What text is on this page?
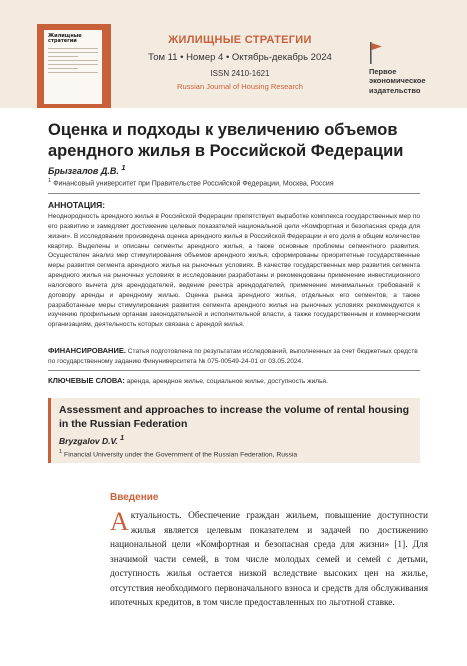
Жилищные стратегии	ЖИЛИЩНЫЕ СТРАТЕГИИ
Том 11 • Номер 4 • Октябрь-декабрь 2024
ISSN 2410-1621
Russian Journal of Housing Research
Первое
экономическое
издательство
Оценка и подходы к увеличению объемов арендного жилья в Российской Федерации
Брызгалов Д.В. $^1$
$^1$ Финансовый университет при Правительстве Российской Федерации, Москва, Россия
АННОТАЦИЯ:

Неоднородность арендного жилья в Российской Федерации препятствует выработке комплекса государственных мер по его развитию и замедляет достижение целевых показателей национальной цели «Комфортная и безопасная среда для жизни». В исследовании произведена оценка арендного жилья в Российской Федерации и его доля в общем количестве квартир. Выделены и описаны сегменты арендного жилья, а также основные проблемы сегментного развития. Осуществлен анализ мер стимулирования объемов арендного жилья, сформированы приоритетные государственные меры развития сегмента арендного жилья на рыночных условиях. В качестве государственных мер развития сегмента арендного жилья на рыночных условиях в исследовании разработаны и рекомендованы применение инвестиционного налогового вычета для арендодателей, ведение реестра арендодателей, применение минимальных требований к договору аренды и арендному жилью. Оценка рынка арендного жилья, отдельных его сегментов, а также разработанные меры стимулирования развития сегмента арендного жилья на рыночных условиях рекомендуются к изучению профильным органам законодательной и исполнительной власти, а также государственным и коммерческим организациям, деятельность которых связана с арендой жилья.

ФИНАНСИРОВАНИЕ. Статья подготовлена по результатам исследований, выполненных за счет бюджетных средств по государственному заданию Финуниверситета № 075-00549-24-01 от 03.05.2024.

КЛЮЧЕВЫЕ СЛОВА: аренда, арендное жилье, социальное жилье, доступность жилья.

Assessment and approaches to increase the volume of rental housing in the Russian Federation
Bryzgalov D.V. $^1$
$^1$ Financial University under the Government of the Russian Federation, Russia
Введение

Актуальность. Обеспечение граждан жильем, повышение доступности жилья является целевым показателем и задачей по достижению национальной цели «Комфортная и безопасная среда для жизни» [1]. Для значимой части семей, в том числе молодых семей и семей с детьми, доступность жилья остается низкой вследствие высоких цен на жилье, отсутствия необходимого первоначального взноса и средств для обслуживания ипотечных кредитов, в том числе предоставленных по льготной ставке.
